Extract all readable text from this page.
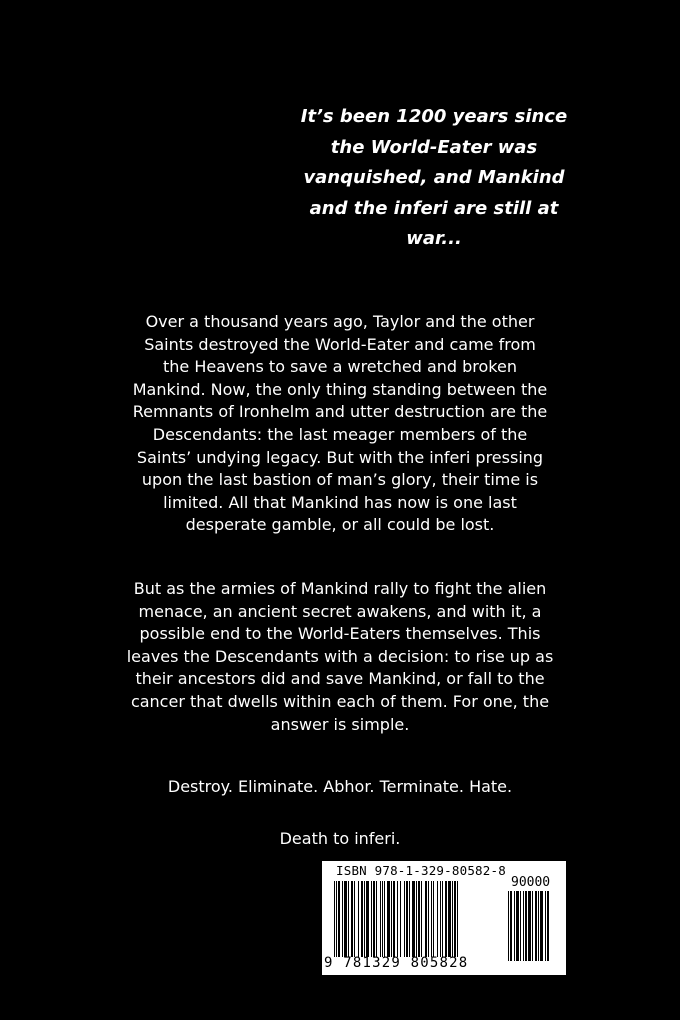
It’s been 1200 years since
the World-Eater was
vanquished, and Mankind
and the inferi are still at
war...
Over a thousand years ago, Taylor and the other
Saints destroyed the World-Eater and came from
the Heavens to save a wretched and broken
Mankind. Now, the only thing standing between the
Remnants of Ironhelm and utter destruction are the
Descendants: the last meager members of the
Saints’ undying legacy. But with the inferi pressing
upon the last bastion of man’s glory, their time is
limited. All that Mankind has now is one last
desperate gamble, or all could be lost.
But as the armies of Mankind rally to fight the alien
menace, an ancient secret awakens, and with it, a
possible end to the World-Eaters themselves. This
leaves the Descendants with a decision: to rise up as
their ancestors did and save Mankind, or fall to the
cancer that dwells within each of them. For one, the
answer is simple.
Destroy. Eliminate. Abhor. Terminate. Hate.
Death to inferi.
ISBN 978-1-329-80582-8
90000
9 781329 805828
